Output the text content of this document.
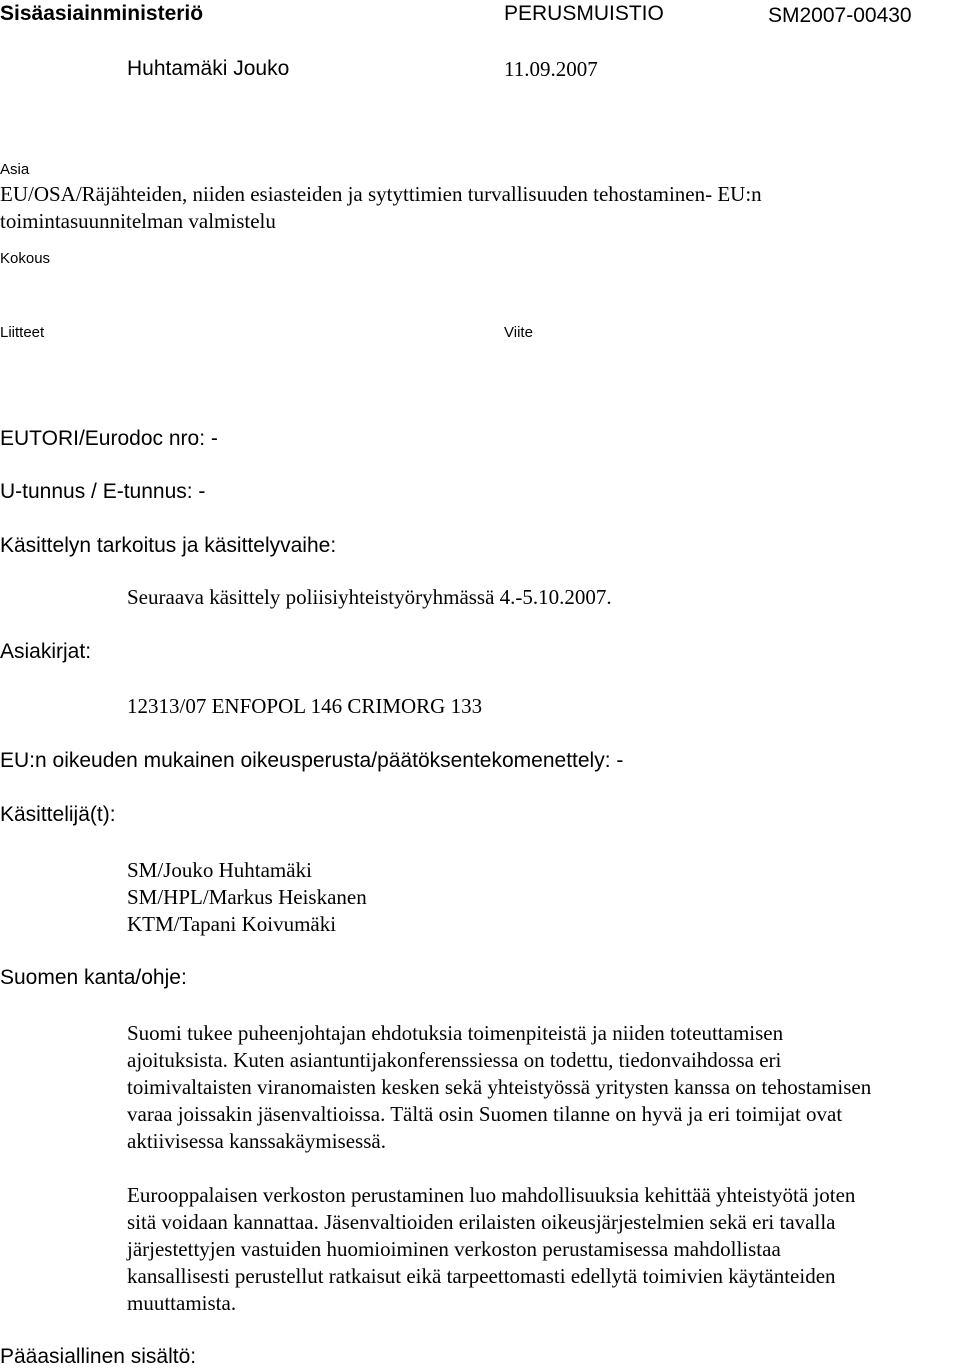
Sisäasiainministeriö	PERUSMUISTIO	SM2007-00430
Huhtamäki Jouko	11.09.2007
Asia
EU/OSA/Räjähteiden, niiden esiasteiden ja sytyttimien turvallisuuden tehostaminen- EU:n
toimintasuunnitelman valmistelu
Kokous
Liitteet	Viite
EUTORI/Eurodoc nro: -
U-tunnus / E-tunnus: -
Käsittelyn tarkoitus ja käsittelyvaihe:
Seuraava käsittely poliisiyhteistyöryhmässä 4.-5.10.2007.
Asiakirjat:
12313/07 ENFOPOL 146 CRIMORG 133
EU:n oikeuden mukainen oikeusperusta/päätöksentekomenettely: -
Käsittelijä(t):
SM/Jouko Huhtamäki
SM/HPL/Markus Heiskanen
KTM/Tapani Koivumäki
Suomen kanta/ohje:
Suomi tukee puheenjohtajan ehdotuksia toimenpiteistä ja niiden toteuttamisen
ajoituksista. Kuten asiantuntijakonferenssiessa on todettu, tiedonvaihdossa eri
toimivaltaisten viranomaisten kesken sekä yhteistyössä yritysten kanssa on tehostamisen
varaa joissakin jäsenvaltioissa. Tältä osin Suomen tilanne on hyvä ja eri toimijat ovat
aktiivisessa kanssakäymisessä.
Eurooppalaisen verkoston perustaminen luo mahdollisuuksia kehittää yhteistyötä joten
sitä voidaan kannattaa. Jäsenvaltioiden erilaisten oikeusjärjestelmien sekä eri tavalla
järjestettyjen vastuiden huomioiminen verkoston perustamisessa mahdollistaa
kansallisesti perustellut ratkaisut eikä tarpeettomasti edellytä toimivien käytänteiden
muuttamista.
Pääasiallinen sisältö:
